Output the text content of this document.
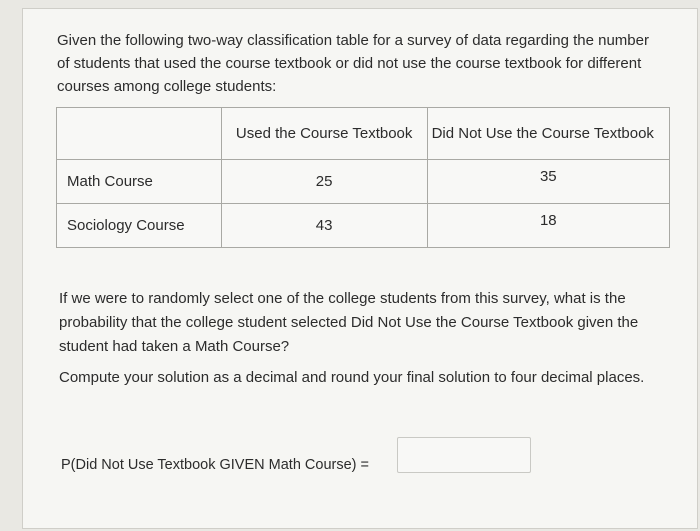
Given the following two-way classification table for a survey of data regarding the number of students that used the course textbook or did not use the course textbook for different courses among college students:
	Used the Course Textbook	Did Not Use the Course Textbook
Math Course	25	35
Sociology Course	43	18
If we were to randomly select one of the college students from this survey, what is the probability that the college student selected Did Not Use the Course Textbook given the student had taken a Math Course?
Compute your solution as a decimal and round your final solution to four decimal places.
P(Did Not Use Textbook GIVEN Math Course) =
